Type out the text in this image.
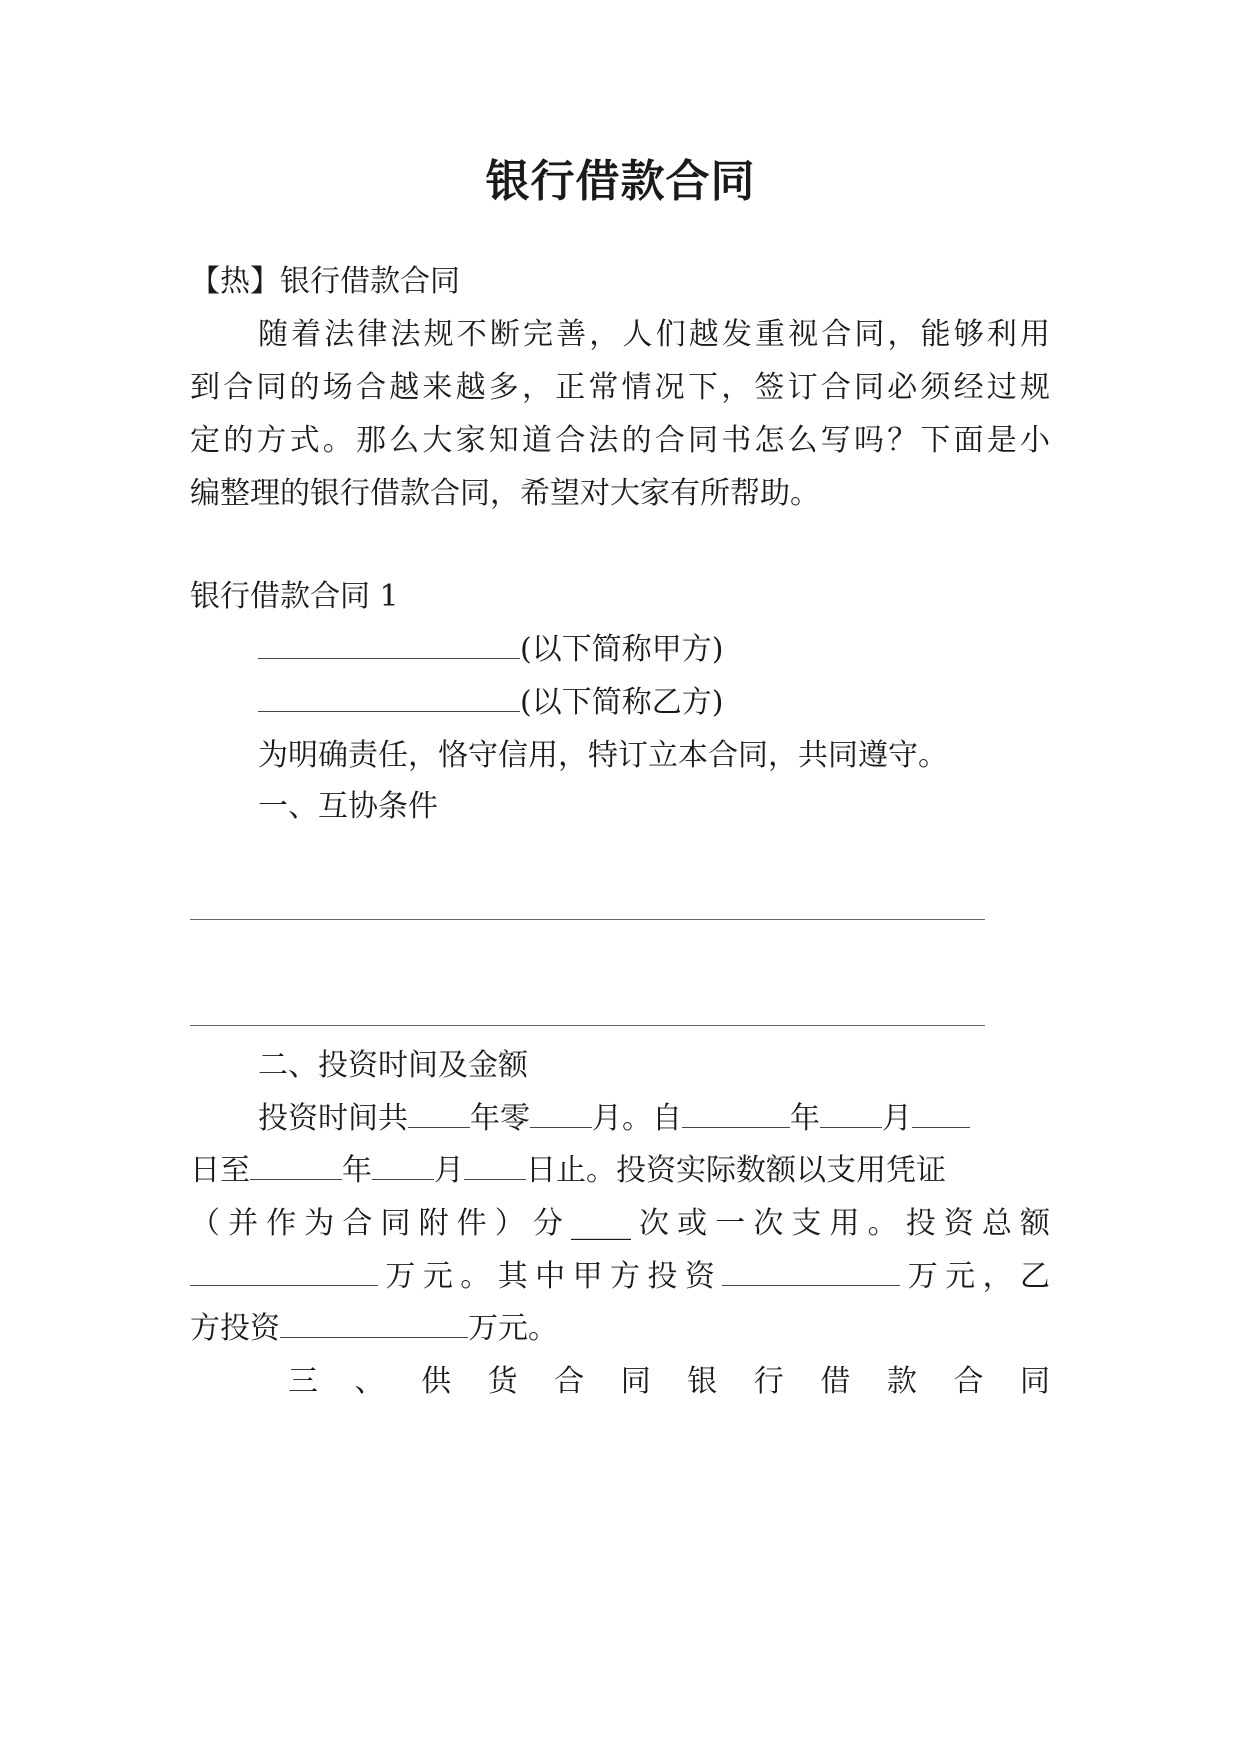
银行借款合同
【热】银行借款合同
随着法律法规不断完善，人们越发重视合同，能够利用
到合同的场合越来越多，正常情况下，签订合同必须经过规
定的方式。那么大家知道合法的合同书怎么写吗？下面是小
编整理的银行借款合同，希望对大家有所帮助。
银行借款合同 1
(以下简称甲方)
(以下简称乙方)
为明确责任，恪守信用，特订立本合同，共同遵守。
一、互协条件
二、投资时间及金额
投资时间共 年零 月。自	年 月
日至	年 月 日止。投资实际数额以支用凭证
（并作为合同附件）分____次或一次支用。投资总额
万元。其中甲方投资	万元，乙
方投资	万元。
三 、 供 货 合 同 银 行 借 款 合 同
